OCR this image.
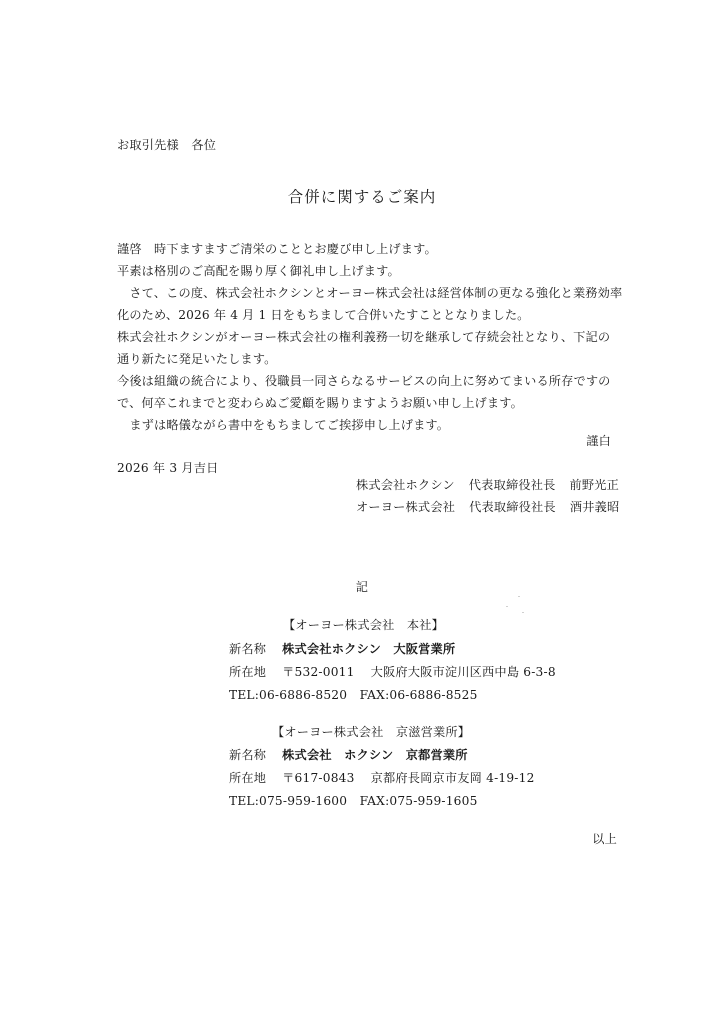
お取引先様　各位
合併に関するご案内
謹啓　時下ますますご清栄のこととお慶び申し上げます。
平素は格別のご高配を賜り厚く御礼申し上げます。
　さて、この度、株式会社ホクシンとオーヨー株式会社は経営体制の更なる強化と業務効率
化のため、2026 年 4 月 1 日をもちまして合併いたすこととなりました。
株式会社ホクシンがオーヨー株式会社の権利義務一切を継承して存続会社となり、下記の
通り新たに発足いたします。
今後は組織の統合により、役職員一同さらなるサービスの向上に努めてまいる所存ですの
で、何卒これまでと変わらぬご愛顧を賜りますようお願い申し上げます。
　まずは略儀ながら書中をもちましてご挨拶申し上げます。
謹白
2026 年 3 月吉日
株式会社ホクシン 代表取締役社長 前野光正
オーヨー株式会社 代表取締役社長 酒井義昭
記
【オーヨー株式会社　本社】
新名称 株式会社ホクシン　大阪営業所
所在地 〒532-0011 大阪府大阪市淀川区西中島 6-3-8
TEL:06-6886-8520　FAX:06-6886-8525
【オーヨー株式会社　京滋営業所】
新名称 株式会社　ホクシン　京都営業所
所在地 〒617-0843 京都府長岡京市友岡 4-19-12
TEL:075-959-1600　FAX:075-959-1605
以上
